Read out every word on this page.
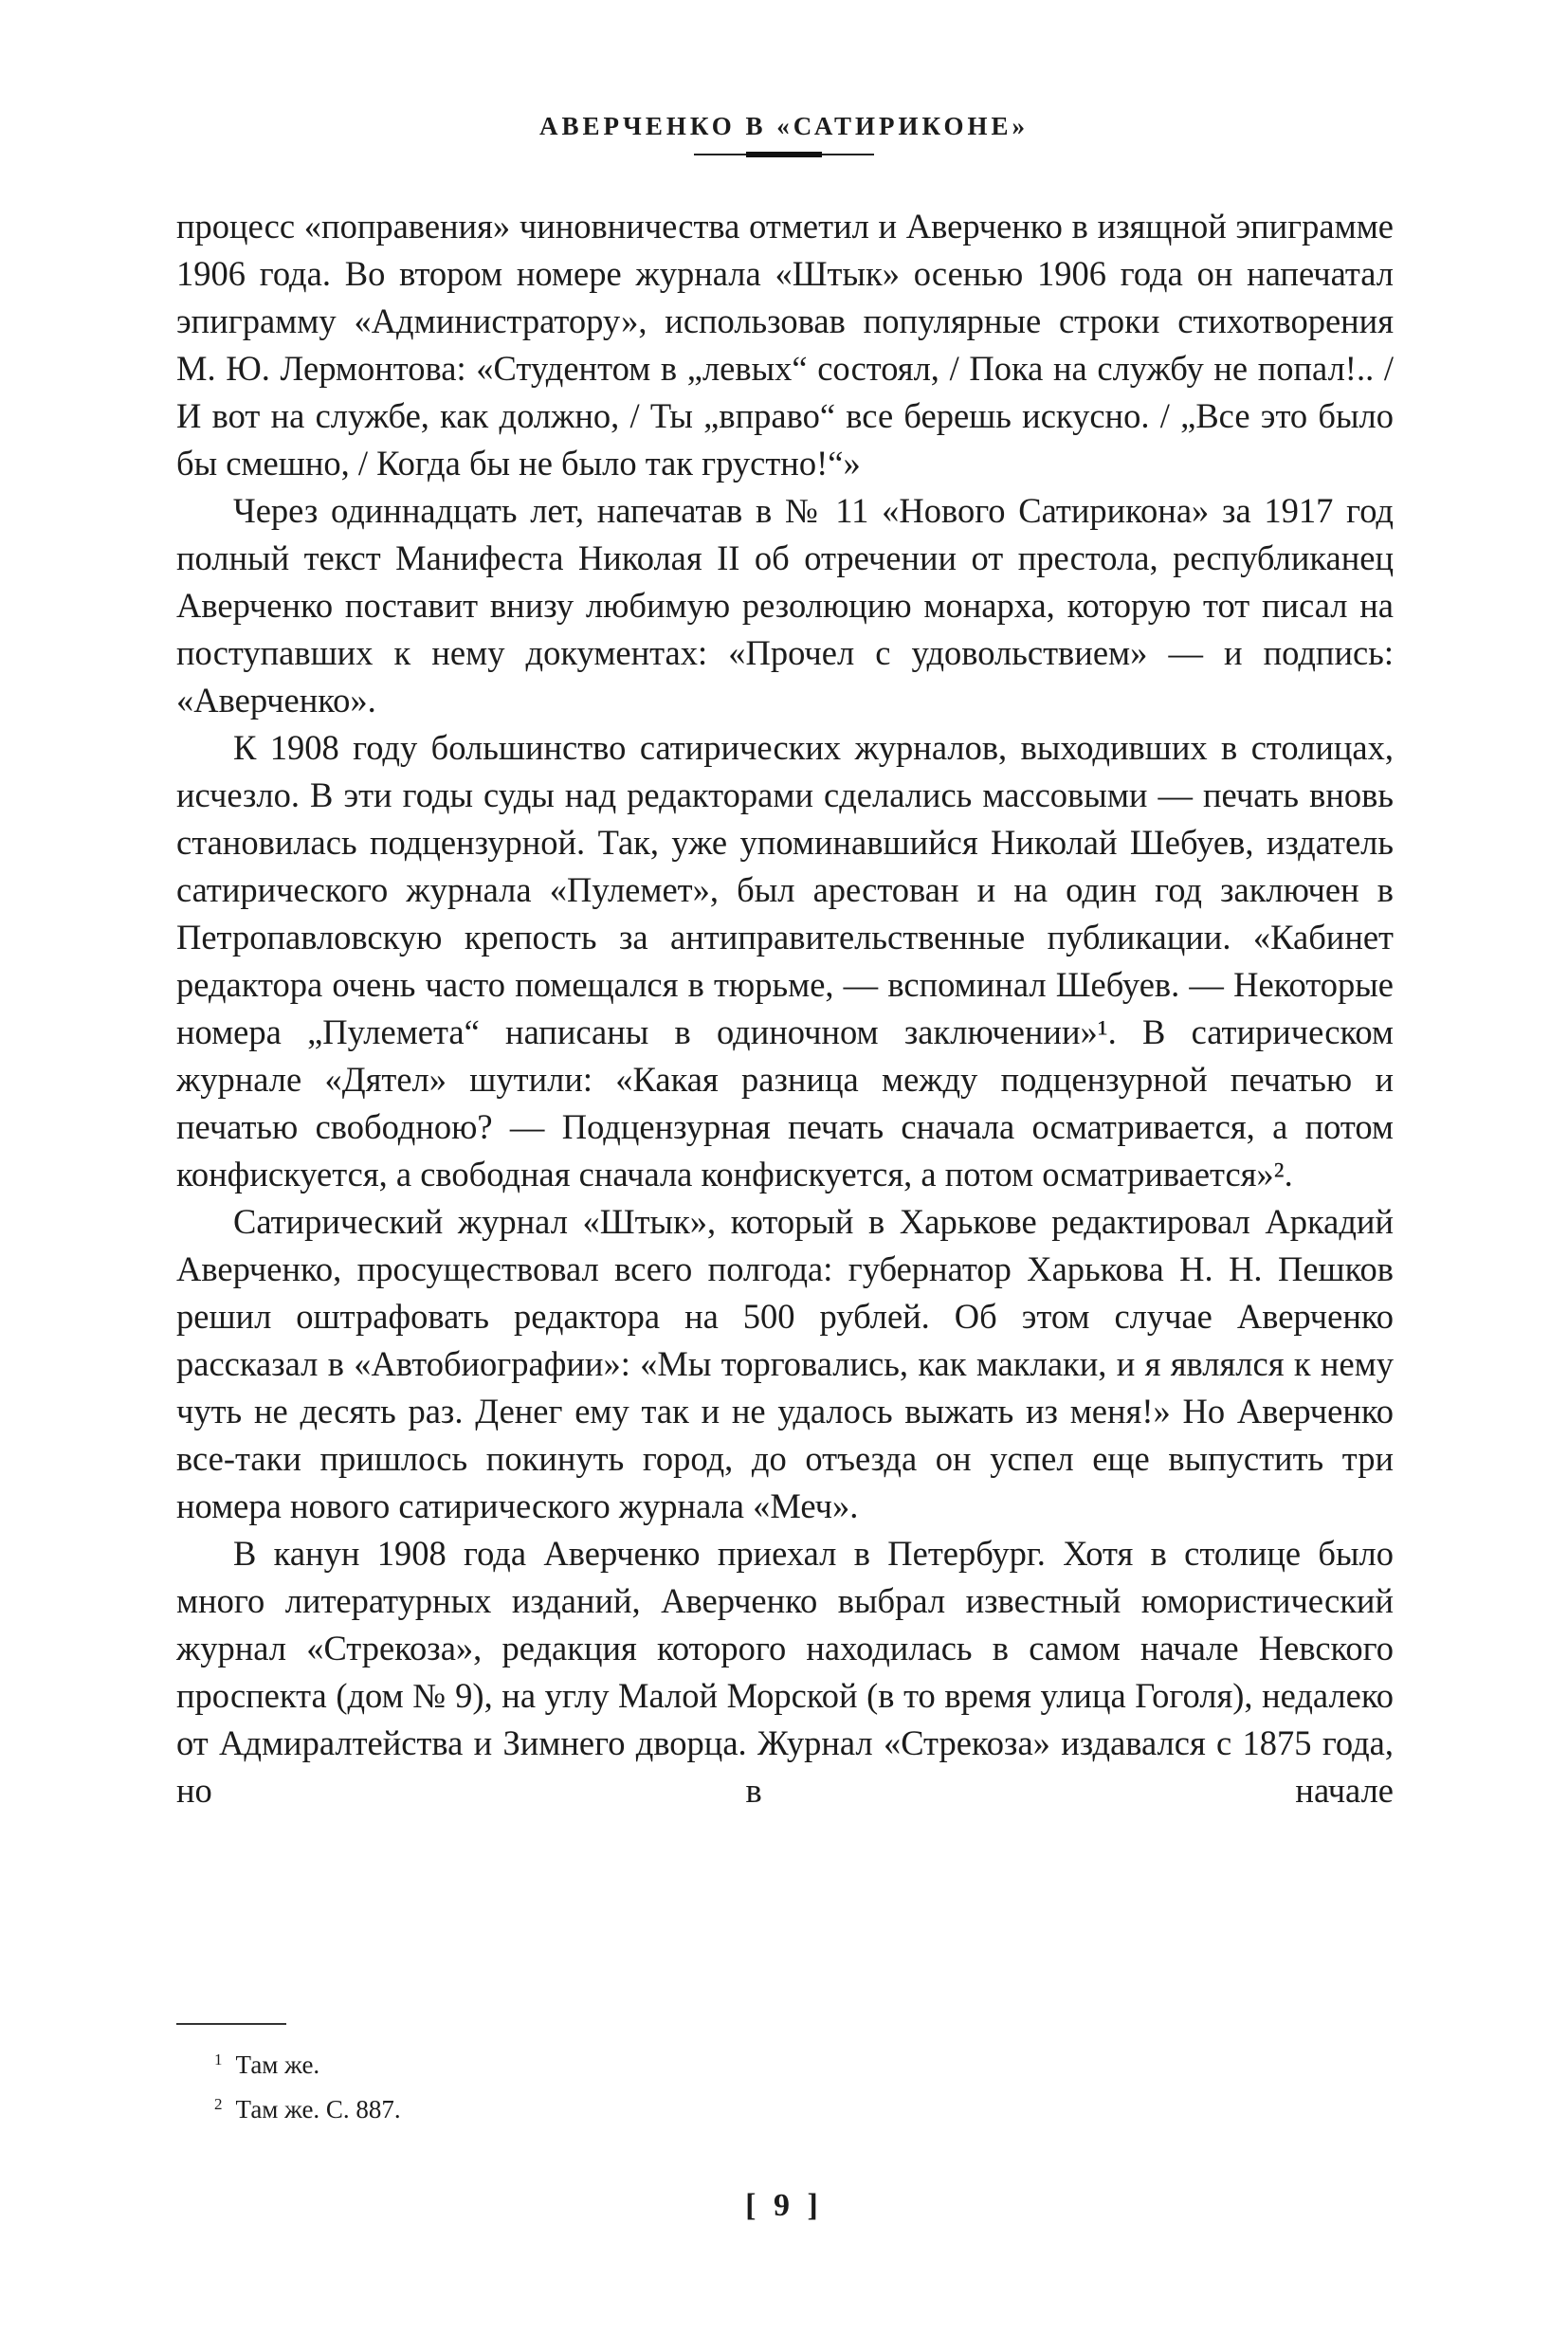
АВЕРЧЕНКО В «САТИРИКОНЕ»

процесс «поправения» чиновничества отметил и Аверченко в изящной эпиграмме 1906 года. Во втором номере журнала «Штык» осенью 1906 года он напечатал эпиграмму «Администратору», использовав популярные строки стихотворения М. Ю. Лермонтова: «Студентом в „левых“ состоял, / Пока на службу не попал!.. / И вот на службе, как должно, / Ты „вправо“ все берешь искусно. / „Все это было бы смешно, / Когда бы не было так грустно!“»

Через одиннадцать лет, напечатав в № 11 «Нового Сатирикона» за 1917 год полный текст Манифеста Николая II об отречении от престола, республиканец Аверченко поставит внизу любимую резолюцию монарха, которую тот писал на поступавших к нему документах: «Прочел с удовольствием» — и подпись: «Аверченко».

К 1908 году большинство сатирических журналов, выходивших в столицах, исчезло. В эти годы суды над редакторами сделались массовыми — печать вновь становилась подцензурной. Так, уже упоминавшийся Николай Шебуев, издатель сатирического журнала «Пулемет», был арестован и на один год заключен в Петропавловскую крепость за антиправительственные публикации. «Кабинет редактора очень часто помещался в тюрьме, — вспоминал Шебуев. — Некоторые номера „Пулемета“ написаны в одиночном заключении»¹. В сатирическом журнале «Дятел» шутили: «Какая разница между подцензурной печатью и печатью свободною? — Подцензурная печать сначала осматривается, а потом конфискуется, а свободная сначала конфискуется, а потом осматривается»².

Сатирический журнал «Штык», который в Харькове редактировал Аркадий Аверченко, просуществовал всего полгода: губернатор Харькова Н. Н. Пешков решил оштрафовать редактора на 500 рублей. Об этом случае Аверченко рассказал в «Автобиографии»: «Мы торговались, как маклаки, и я являлся к нему чуть не десять раз. Денег ему так и не удалось выжать из меня!» Но Аверченко все-таки пришлось покинуть город, до отъезда он успел еще выпустить три номера нового сатирического журнала «Меч».

В канун 1908 года Аверченко приехал в Петербург. Хотя в столице было много литературных изданий, Аверченко выбрал известный юмористический журнал «Стрекоза», редакция которого находилась в самом начале Невского проспекта (дом № 9), на углу Малой Морской (в то время улица Гоголя), недалеко от Адмиралтейства и Зимнего дворца. Журнал «Стрекоза» издавался с 1875 года, но в начале

$^1$ Там же.

$^2$ Там же. С. 887.

[ 9 ]
